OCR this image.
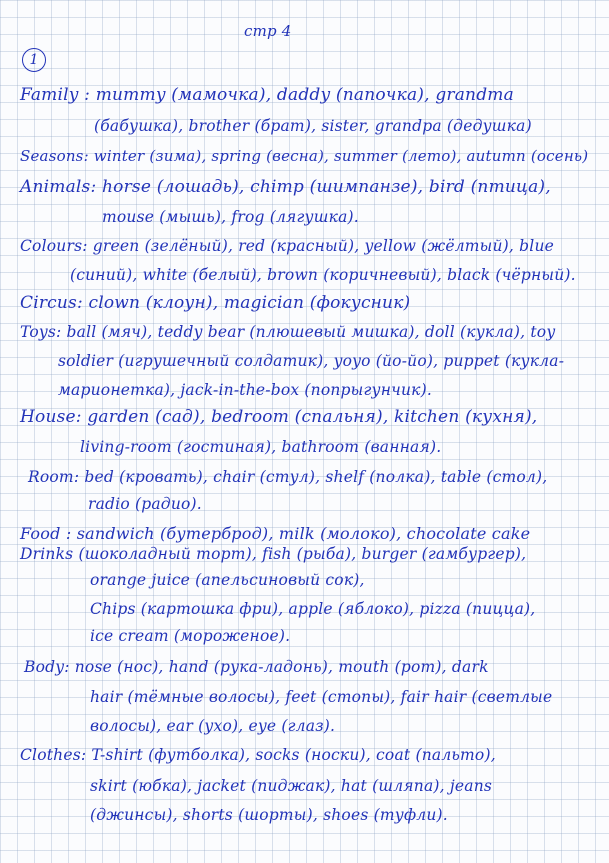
стр 4
1
Family : mummy (мамочка), daddy (папочка), grandma
(бабушка), brother (брат), sister, grandpa (дедушка)
Seasons: winter (зима), spring (весна), summer (лето), autumn (осень)
Animals: horse (лошадь), chimp (шимпанзе), bird (птица),
mouse (мышь), frog (лягушка).
Colours: green (зелёный), red (красный), yellow (жёлтый), blue
(синий), white (белый), brown (коричневый), black (чёрный).
Circus: clown (клоун), magician (фокусник)
Toys: ball (мяч), teddy bear (плюшевый мишка), doll (кукла), toy
soldier (игрушечный солдатик), yoyo (йо-йо), puppet (кукла-
марионетка), jack-in-the-box (попрыгунчик).
House: garden (сад), bedroom (спальня), kitchen (кухня),
living-room (гостиная), bathroom (ванная).
Room: bed (кровать), chair (стул), shelf (полка), table (стол),
radio (радио).
Food : sandwich (бутерброд), milk (молоко), chocolate cake
Drinks (шоколадный торт), fish (рыба), burger (гамбургер),
orange juice (апельсиновый сок),
Chips (картошка фри), apple (яблоко), pizza (пицца),
ice cream (мороженое).
Body: nose (нос), hand (рука-ладонь), mouth (рот), dark
hair (тёмные волосы), feet (стопы), fair hair (светлые
волосы), ear (ухо), eye (глаз).
Clothes: T-shirt (футболка), socks (носки), coat (пальто),
skirt (юбка), jacket (пиджак), hat (шляпа), jeans
(джинсы), shorts (шорты), shoes (туфли).
